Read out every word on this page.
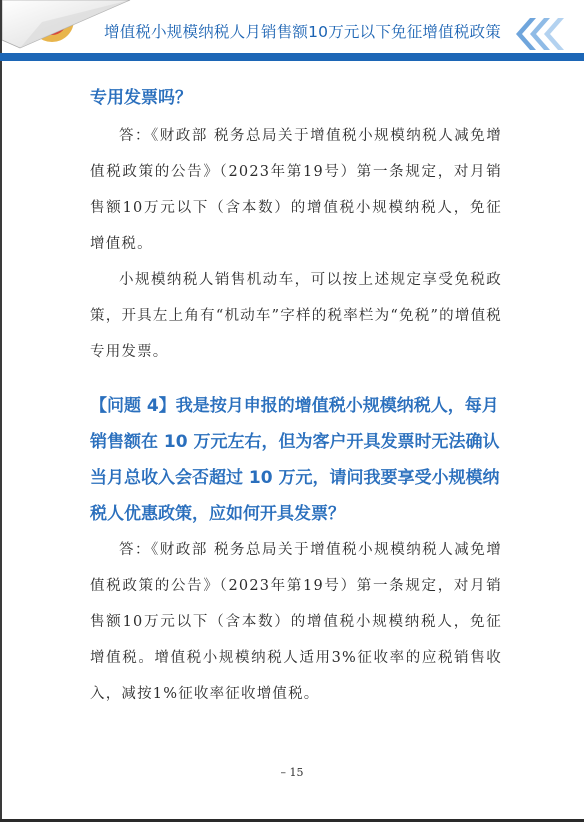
增值税小规模纳税人月销售额10万元以下免征增值税政策

专用发票吗？

答：《财政部 税务总局关于增值税小规模纳税人减免增值税政策的公告》（2023年第19号）第一条规定，对月销售额10万元以下（含本数）的增值税小规模纳税人，免征增值税。

小规模纳税人销售机动车，可以按上述规定享受免税政策，开具左上角有“机动车”字样的税率栏为“免税”的增值税专用发票。

【问题 4】我是按月申报的增值税小规模纳税人，每月销售额在 10 万元左右，但为客户开具发票时无法确认当月总收入会否超过 10 万元，请问我要享受小规模纳税人优惠政策，应如何开具发票？

答：《财政部 税务总局关于增值税小规模纳税人减免增值税政策的公告》（2023年第19号）第一条规定，对月销售额10万元以下（含本数）的增值税小规模纳税人，免征增值税。增值税小规模纳税人适用3%征收率的应税销售收入，减按1%征收率征收增值税。

– 15
